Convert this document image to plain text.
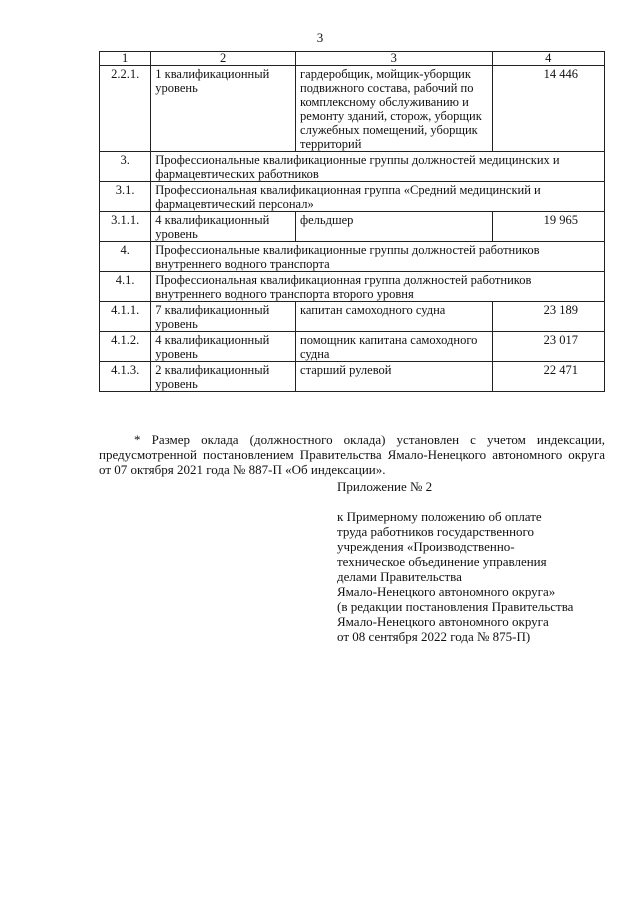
3
1	2	3	4
2.2.1.	1 квалификационный уровень	гардеробщик, мойщик-уборщик подвижного состава, рабочий по комплексному обслуживанию и ремонту зданий, сторож, уборщик служебных помещений, уборщик территорий	14 446
3.	Профессиональные квалификационные группы должностей медицинских и фармацевтических работников		
3.1.	Профессиональная квалификационная группа «Средний медицинский и фармацевтический персонал»		
3.1.1.	4 квалификационный уровень	фельдшер	19 965
4.	Профессиональные квалификационные группы должностей работников внутреннего водного транспорта		
4.1.	Профессиональная квалификационная группа должностей работников внутреннего водного транспорта второго уровня		
4.1.1.	7 квалификационный уровень	капитан самоходного судна	23 189
4.1.2.	4 квалификационный уровень	помощник капитана самоходного судна	23 017
4.1.3.	2 квалификационный уровень	старший рулевой	22 471
* Размер оклада (должностного оклада) установлен с учетом индексации, предусмотренной постановлением Правительства Ямало-Ненецкого автономного округа от 07 октября 2021 года № 887-П «Об индексации».
Приложение № 2
к Примерному положению об оплате
труда работников государственного
учреждения «Производственно-
техническое объединение управления
делами Правительства
Ямало-Ненецкого автономного округа»
(в редакции постановления Правительства
Ямало-Ненецкого автономного округа
от 08 сентября 2022 года № 875-П)
